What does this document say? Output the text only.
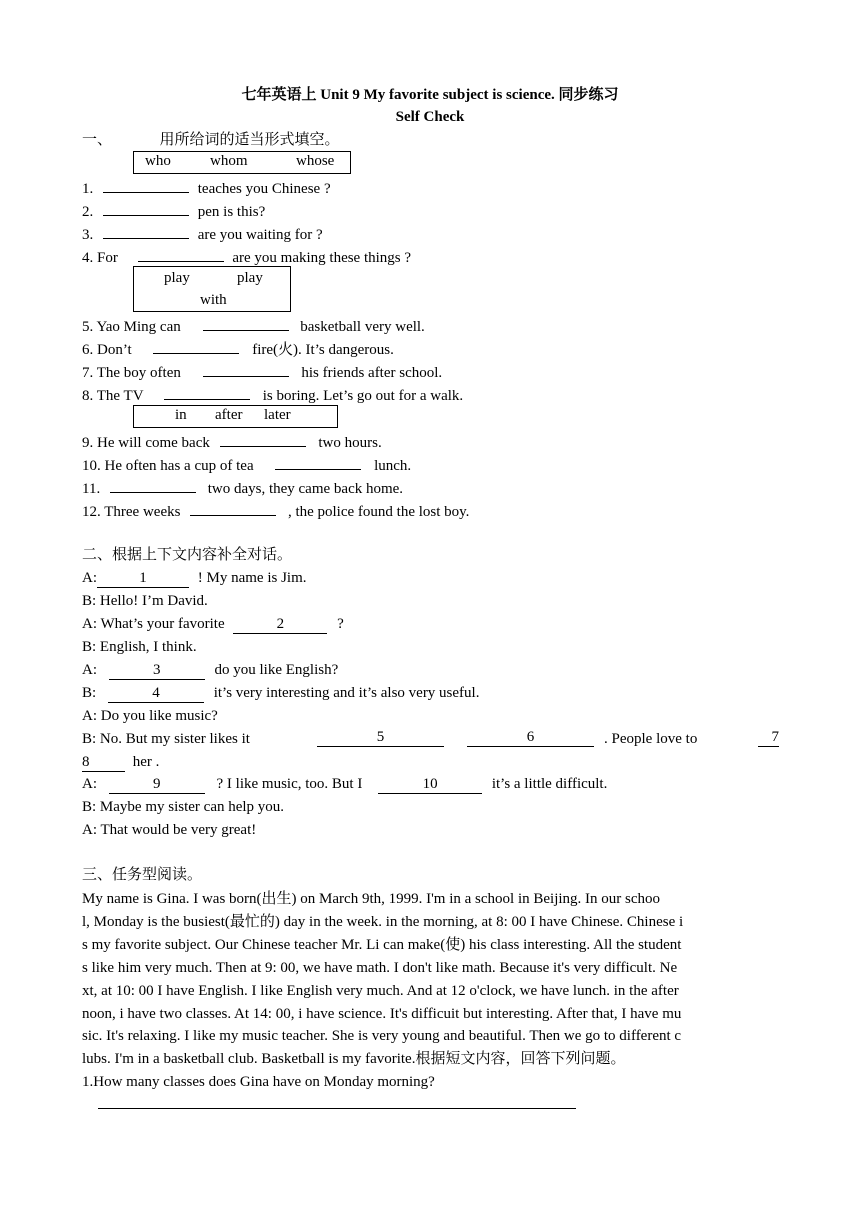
七年英语上 Unit 9 My favorite subject is science. 同步练习
Self Check
一、	用所给词的适当形式填空。
who	whom	whose
1.	teaches you Chinese ?
2.	pen is this?
3.	are you waiting for ?
4. For	are you making these things ?
play	play
with
5. Yao Ming can	basketball very well.
6. Don’t	fire(火). It’s dangerous.
7. The boy often	his friends after school.
8. The TV	is boring. Let’s go out for a walk.
in after later
9. He will come back	two hours.
10. He often has a cup of tea	lunch.
11.	two days, they came back home.
12. Three weeks	, the police found the lost boy.
二、根据上下文内容补全对话。
A:	1	! My name is Jim.
B: Hello! I’m David.
A: What’s your favorite	2	?
B: English, I think.
A:	3	do you like English?
B:	4	it’s very interesting and it’s also very useful.
A: Do you like music?
B: No. But my sister likes it	5	6	. People love to	7
8	her .
A:	9	? I like music, too. But I	10	it’s a little difficult.
B: Maybe my sister can help you.
A: That would be very great!
三、任务型阅读。
My name is Gina. I was born(出生) on March 9th, 1999. I'm in a school in Beijing. In our schoo
l, Monday is the busiest(最忙的) day in the week. in the morning, at 8: 00 I have Chinese. Chinese i
s my favorite subject. Our Chinese teacher Mr. Li can make(使) his class interesting. All the student
s like him very much. Then at 9: 00, we have math. I don't like math. Because it's very difficult. Ne
xt, at 10: 00 I have English. I like English very much. And at 12 o'clock, we have lunch. in the after
noon, i have two classes. At 14: 00, i have science. It's difficuit but interesting. After that, I have mu
sic. It's relaxing. I like my music teacher. She is very young and beautiful. Then we go to different c
lubs. I'm in a basketball club. Basketball is my favorite.根据短文内容，回答下列问题。
1.How many classes does Gina have on Monday morning?
